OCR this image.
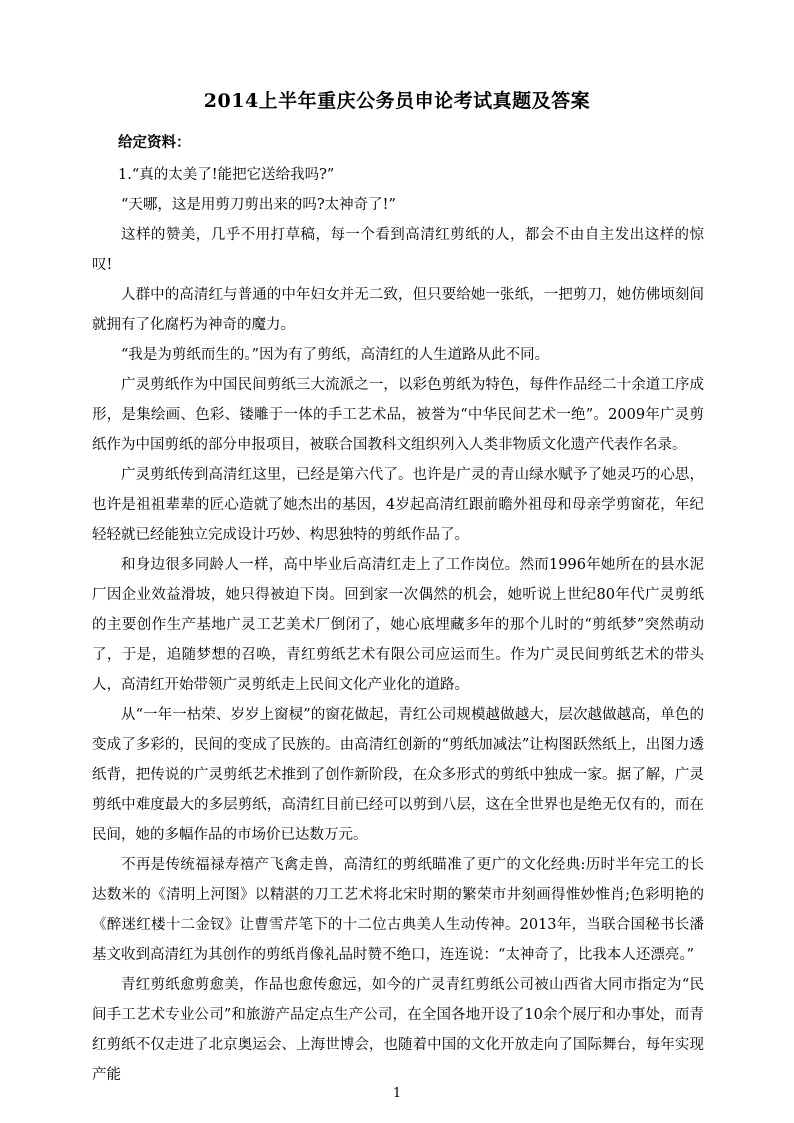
2014上半年重庆公务员申论考试真题及答案
给定资料：

1.“真的太美了!能把它送给我吗?”

“天哪，这是用剪刀剪出来的吗?太神奇了!”

这样的赞美，几乎不用打草稿，每一个看到高清红剪纸的人，都会不由自主发出这样的惊叹!

人群中的高清红与普通的中年妇女并无二致，但只要给她一张纸，一把剪刀，她仿佛顷刻间就拥有了化腐朽为神奇的魔力。

“我是为剪纸而生的。”因为有了剪纸，高清红的人生道路从此不同。

广灵剪纸作为中国民间剪纸三大流派之一，以彩色剪纸为特色，每件作品经二十余道工序成形，是集绘画、色彩、镂雕于一体的手工艺术品，被誉为“中华民间艺术一绝”。2009年广灵剪纸作为中国剪纸的部分申报项目，被联合国教科文组织列入人类非物质文化遗产代表作名录。

广灵剪纸传到高清红这里，已经是第六代了。也许是广灵的青山绿水赋予了她灵巧的心思，也许是祖祖辈辈的匠心造就了她杰出的基因，4岁起高清红跟前瞻外祖母和母亲学剪窗花，年纪轻轻就已经能独立完成设计巧妙、构思独特的剪纸作品了。

和身边很多同龄人一样，高中毕业后高清红走上了工作岗位。然而1996年她所在的县水泥厂因企业效益滑坡，她只得被迫下岗。回到家一次偶然的机会，她听说上世纪80年代广灵剪纸的主要创作生产基地广灵工艺美术厂倒闭了，她心底埋藏多年的那个儿时的“剪纸梦”突然萌动了，于是，追随梦想的召唤，青红剪纸艺术有限公司应运而生。作为广灵民间剪纸艺术的带头人，高清红开始带领广灵剪纸走上民间文化产业化的道路。

从“一年一枯荣、岁岁上窗棂”的窗花做起，青红公司规模越做越大，层次越做越高，单色的变成了多彩的，民间的变成了民族的。由高清红创新的“剪纸加减法”让构图跃然纸上，出图力透纸背，把传说的广灵剪纸艺术推到了创作新阶段，在众多形式的剪纸中独成一家。据了解，广灵剪纸中难度最大的多层剪纸，高清红目前已经可以剪到八层，这在全世界也是绝无仅有的，而在民间，她的多幅作品的市场价已达数万元。

不再是传统福禄寿禧产飞禽走兽，高清红的剪纸瞄准了更广的文化经典:历时半年完工的长达数米的《清明上河图》以精湛的刀工艺术将北宋时期的繁荣市井刻画得惟妙惟肖;色彩明艳的《醉迷红楼十二金钗》让曹雪芹笔下的十二位古典美人生动传神。2013年，当联合国秘书长潘基文收到高清红为其创作的剪纸肖像礼品时赞不绝口，连连说：“太神奇了，比我本人还漂亮。”

青红剪纸愈剪愈美，作品也愈传愈远，如今的广灵青红剪纸公司被山西省大同市指定为“民间手工艺术专业公司”和旅游产品定点生产公司，在全国各地开设了10余个展厅和办事处，而青红剪纸不仅走进了北京奥运会、上海世博会，也随着中国的文化开放走向了国际舞台，每年实现产能

1
